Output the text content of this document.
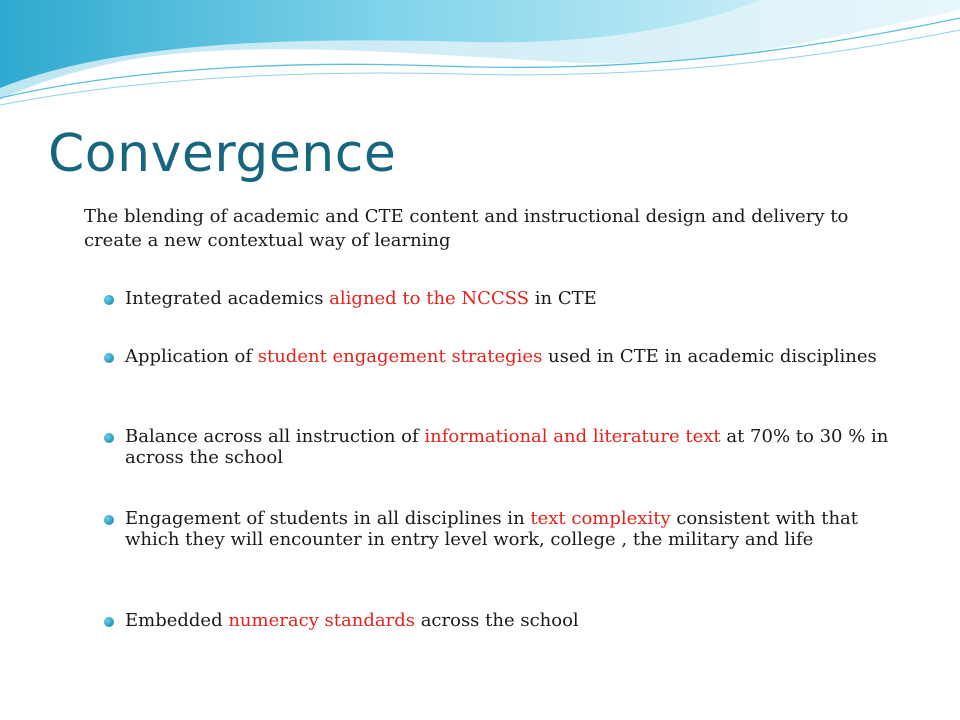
Convergence

The blending of academic and CTE content and instructional design and delivery to create a new contextual way of learning

Integrated academics aligned to the NCCSS in CTE
Application of student engagement strategies used in CTE in academic disciplines
Balance across all instruction of informational and literature text at 70% to 30 % in across the school
Engagement of students in all disciplines in text complexity consistent with that which they will encounter in entry level work, college , the military and life
Embedded numeracy standards across the school
